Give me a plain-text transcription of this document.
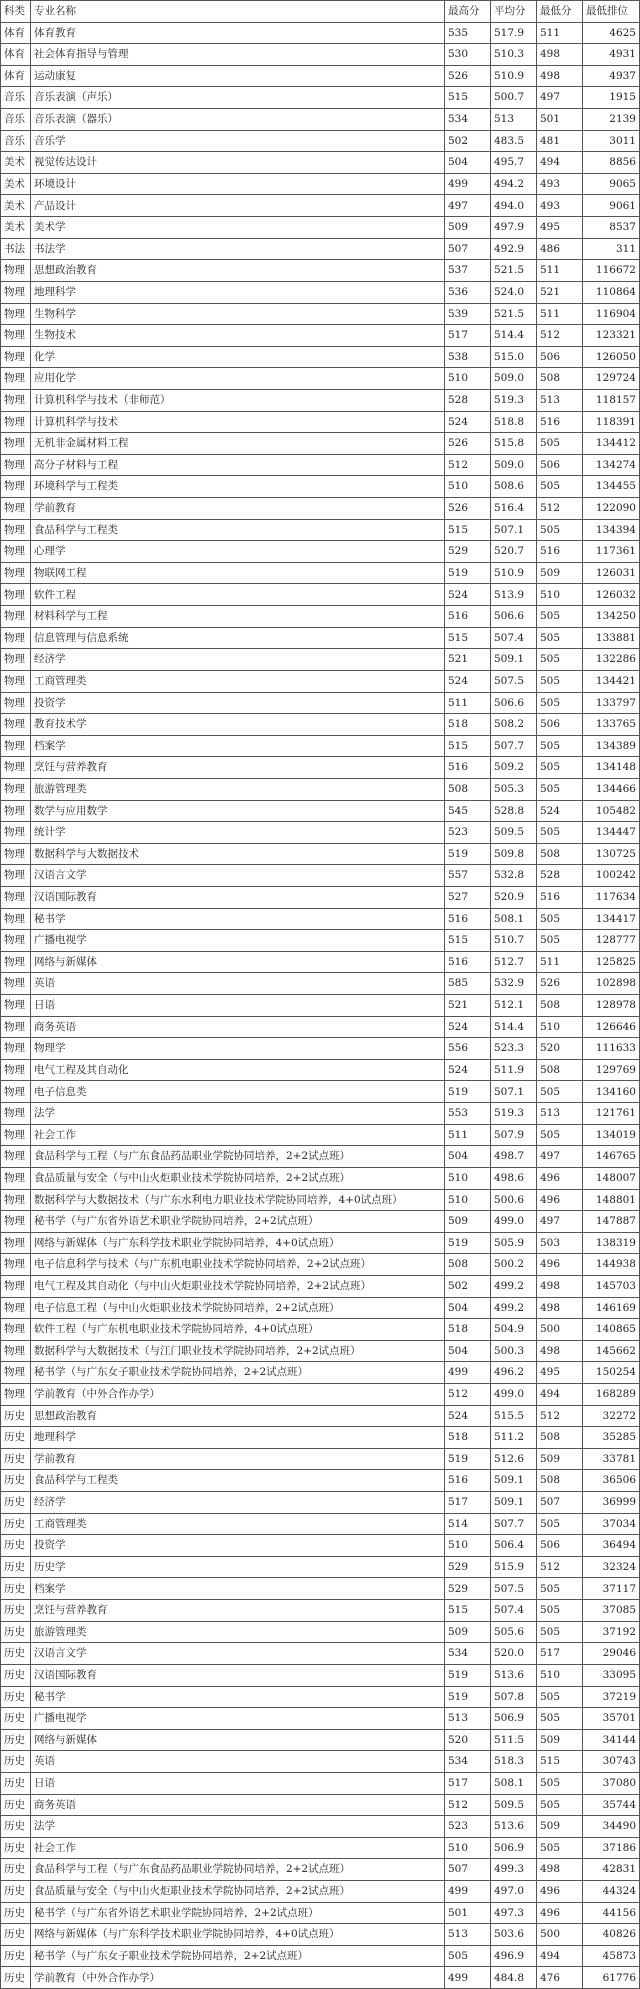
科类	专业名称	最高分	平均分	最低分	最低排位
体育	体育教育	535	517.9	511	4625
体育	社会体育指导与管理	530	510.3	498	4931
体育	运动康复	526	510.9	498	4937
音乐	音乐表演（声乐）	515	500.7	497	1915
音乐	音乐表演（器乐）	534	513	501	2139
音乐	音乐学	502	483.5	481	3011
美术	视觉传达设计	504	495.7	494	8856
美术	环境设计	499	494.2	493	9065
美术	产品设计	497	494.0	493	9061
美术	美术学	509	497.9	495	8537
书法	书法学	507	492.9	486	311
物理	思想政治教育	537	521.5	511	116672
物理	地理科学	536	524.0	521	110864
物理	生物科学	539	521.5	511	116904
物理	生物技术	517	514.4	512	123321
物理	化学	538	515.0	506	126050
物理	应用化学	510	509.0	508	129724
物理	计算机科学与技术（非师范）	528	519.3	513	118157
物理	计算机科学与技术	524	518.8	516	118391
物理	无机非金属材料工程	526	515.8	505	134412
物理	高分子材料与工程	512	509.0	506	134274
物理	环境科学与工程类	510	508.6	505	134455
物理	学前教育	526	516.4	512	122090
物理	食品科学与工程类	515	507.1	505	134394
物理	心理学	529	520.7	516	117361
物理	物联网工程	519	510.9	509	126031
物理	软件工程	524	513.9	510	126032
物理	材料科学与工程	516	506.6	505	134250
物理	信息管理与信息系统	515	507.4	505	133881
物理	经济学	521	509.1	505	132286
物理	工商管理类	524	507.5	505	134421
物理	投资学	511	506.6	505	133797
物理	教育技术学	518	508.2	506	133765
物理	档案学	515	507.7	505	134389
物理	烹饪与营养教育	516	509.2	505	134148
物理	旅游管理类	508	505.3	505	134466
物理	数学与应用数学	545	528.8	524	105482
物理	统计学	523	509.5	505	134447
物理	数据科学与大数据技术	519	509.8	508	130725
物理	汉语言文学	557	532.8	528	100242
物理	汉语国际教育	527	520.9	516	117634
物理	秘书学	516	508.1	505	134417
物理	广播电视学	515	510.7	505	128777
物理	网络与新媒体	516	512.7	511	125825
物理	英语	585	532.9	526	102898
物理	日语	521	512.1	508	128978
物理	商务英语	524	514.4	510	126646
物理	物理学	556	523.3	520	111633
物理	电气工程及其自动化	524	511.9	508	129769
物理	电子信息类	519	507.1	505	134160
物理	法学	553	519.3	513	121761
物理	社会工作	511	507.9	505	134019
物理	食品科学与工程（与广东食品药品职业学院协同培养，2+2试点班）	504	498.7	497	146765
物理	食品质量与安全（与中山火炬职业技术学院协同培养，2+2试点班）	510	498.6	496	148007
物理	数据科学与大数据技术（与广东水利电力职业技术学院协同培养，4+0试点班）	510	500.6	496	148801
物理	秘书学（与广东省外语艺术职业学院协同培养，2+2试点班）	509	499.0	497	147887
物理	网络与新媒体（与广东科学技术职业学院协同培养，4+0试点班）	519	505.9	503	138319
物理	电子信息科学与技术（与广东机电职业技术学院协同培养，2+2试点班）	508	500.2	496	144938
物理	电气工程及其自动化（与中山火炬职业技术学院协同培养，2+2试点班）	502	499.2	498	145703
物理	电子信息工程（与中山火炬职业技术学院协同培养，2+2试点班）	504	499.2	498	146169
物理	软件工程（与广东机电职业技术学院协同培养，4+0试点班）	518	504.9	500	140865
物理	数据科学与大数据技术（与江门职业技术学院协同培养，2+2试点班）	504	500.3	498	145662
物理	秘书学（与广东女子职业技术学院协同培养，2+2试点班）	499	496.2	495	150254
物理	学前教育（中外合作办学）	512	499.0	494	168289
历史	思想政治教育	524	515.5	512	32272
历史	地理科学	518	511.2	508	35285
历史	学前教育	519	512.6	509	33781
历史	食品科学与工程类	516	509.1	508	36506
历史	经济学	517	509.1	507	36999
历史	工商管理类	514	507.7	505	37034
历史	投资学	510	506.4	506	36494
历史	历史学	529	515.9	512	32324
历史	档案学	529	507.5	505	37117
历史	烹饪与营养教育	515	507.4	505	37085
历史	旅游管理类	509	505.6	505	37192
历史	汉语言文学	534	520.0	517	29046
历史	汉语国际教育	519	513.6	510	33095
历史	秘书学	519	507.8	505	37219
历史	广播电视学	513	506.9	505	35701
历史	网络与新媒体	520	511.5	509	34144
历史	英语	534	518.3	515	30743
历史	日语	517	508.1	505	37080
历史	商务英语	512	509.5	505	35744
历史	法学	523	513.6	509	34490
历史	社会工作	510	506.9	505	37186
历史	食品科学与工程（与广东食品药品职业学院协同培养，2+2试点班）	507	499.3	498	42831
历史	食品质量与安全（与中山火炬职业技术学院协同培养，2+2试点班）	499	497.0	496	44324
历史	秘书学（与广东省外语艺术职业学院协同培养，2+2试点班）	501	497.3	496	44156
历史	网络与新媒体（与广东科学技术职业学院协同培养，4+0试点班）	513	503.6	500	40826
历史	秘书学（与广东女子职业技术学院协同培养，2+2试点班）	505	496.9	494	45873
历史	学前教育（中外合作办学）	499	484.8	476	61776
